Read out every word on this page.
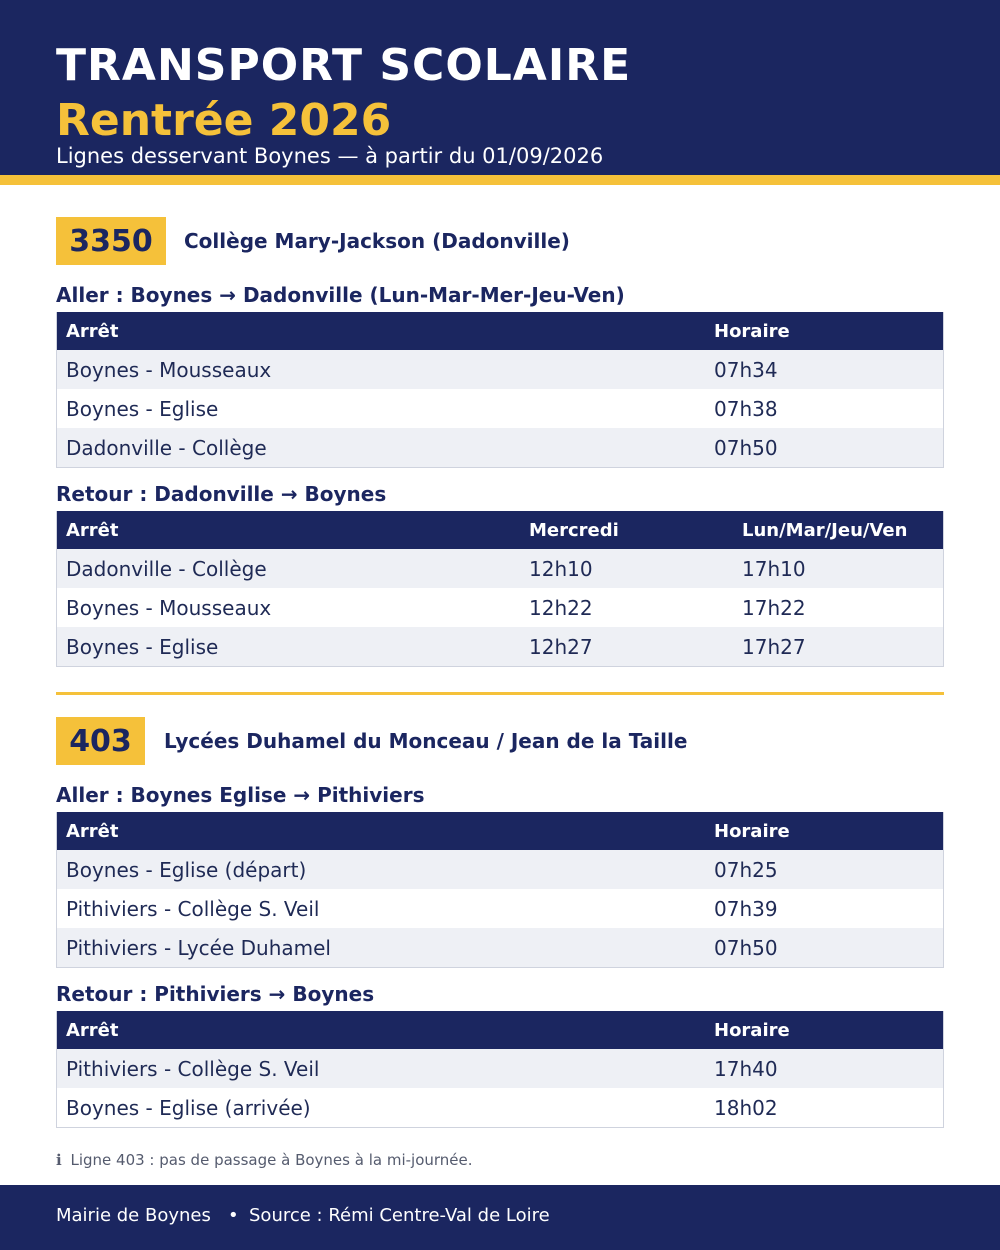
TRANSPORT SCOLAIRE
Rentrée 2026
Lignes desservant Boynes — à partir du 01/09/2026
3350	Collège Mary-Jackson (Dadonville)
Aller : Boynes → Dadonville (Lun-Mar-Mer-Jeu-Ven)
Arrêt	Horaire
Boynes - Mousseaux	07h34
Boynes - Eglise	07h38
Dadonville - Collège	07h50
Retour : Dadonville → Boynes
Arrêt	Mercredi	Lun/Mar/Jeu/Ven
Dadonville - Collège	12h10	17h10
Boynes - Mousseaux	12h22	17h22
Boynes - Eglise	12h27	17h27
403	Lycées Duhamel du Monceau / Jean de la Taille
Aller : Boynes Eglise → Pithiviers
Arrêt	Horaire
Boynes - Eglise (départ)	07h25
Pithiviers - Collège S. Veil	07h39
Pithiviers - Lycée Duhamel	07h50
Retour : Pithiviers → Boynes
Arrêt	Horaire
Pithiviers - Collège S. Veil	17h40
Boynes - Eglise (arrivée)	18h02
ℹ Ligne 403 : pas de passage à Boynes à la mi-journée.
Mairie de Boynes • Source : Rémi Centre-Val de Loire
